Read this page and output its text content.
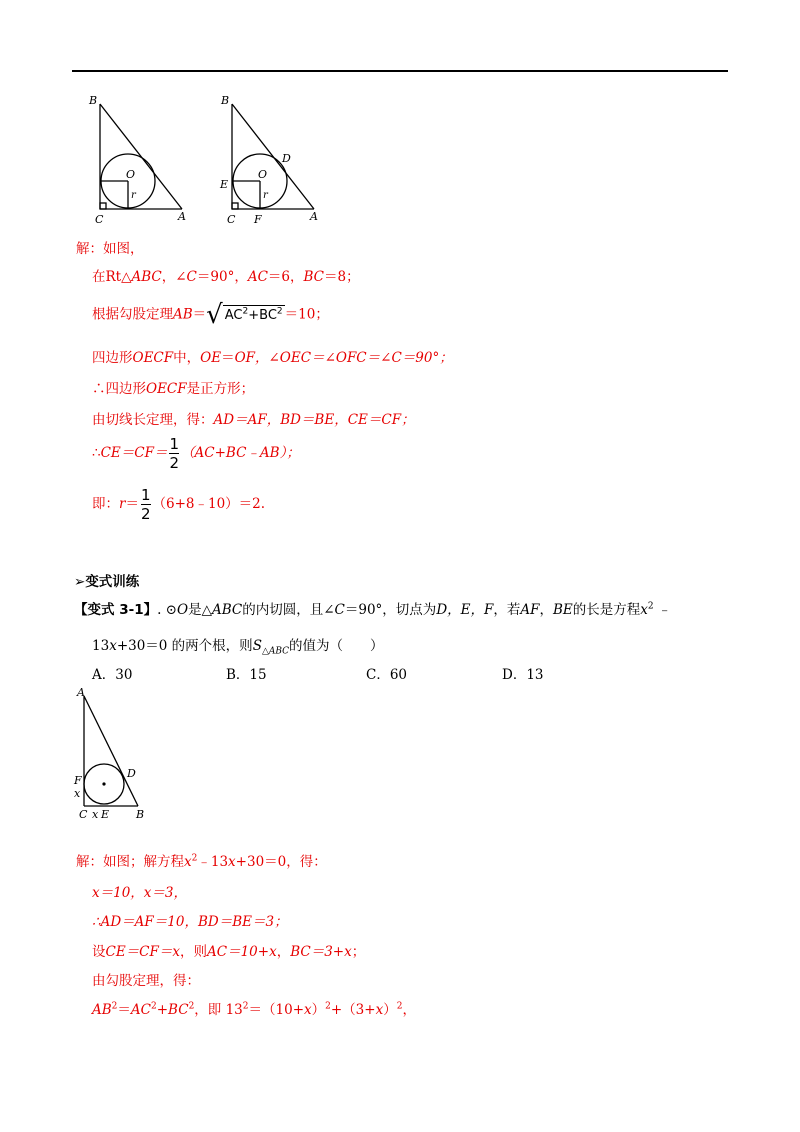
B
C	A
O
r
B
D
E
C F	A
O
r
解：如图，
在Rt△ABC，∠C＝90°，AC＝6，BC＝8；
根据勾股定理AB＝√ $AC^2+BC^2 =10$；
四边形OECF中，OE＝OF，∠OEC＝∠OFC＝∠C＝90°；
∴四边形OECF是正方形；
由切线长定理，得：AD＝AF，BD＝BE，CE＝CF；
∴CE＝CF＝ $\frac{1}{2}$ （AC+BC﹣AB）；
即：$r= \frac{1}{2}$ （6+8﹣10）＝2.
➢变式训练
【变式 3-1】. ⊙O是△ABC的内切圆，且∠C＝90°，切点为D，E，F，若AF，BE的长是方程$x^2$ ﹣
13x+30＝0 的两个根，则$S_{\triangle ABC}$的值为（　　）
A．30	B．15	C．60	D．13
A
F
x
D
C x E B
解：如图；解方程$x^2﹣13x+30=0$，得：
x＝10，x＝3，
∴AD＝AF＝10，BD＝BE＝3；
设CE＝CF＝x，则AC＝10+x，BC＝3+x；
由勾股定理，得：
$AB^2=AC^2+BC^2$，即 $13^2=(10+x)^2+(3+x)^2$，
